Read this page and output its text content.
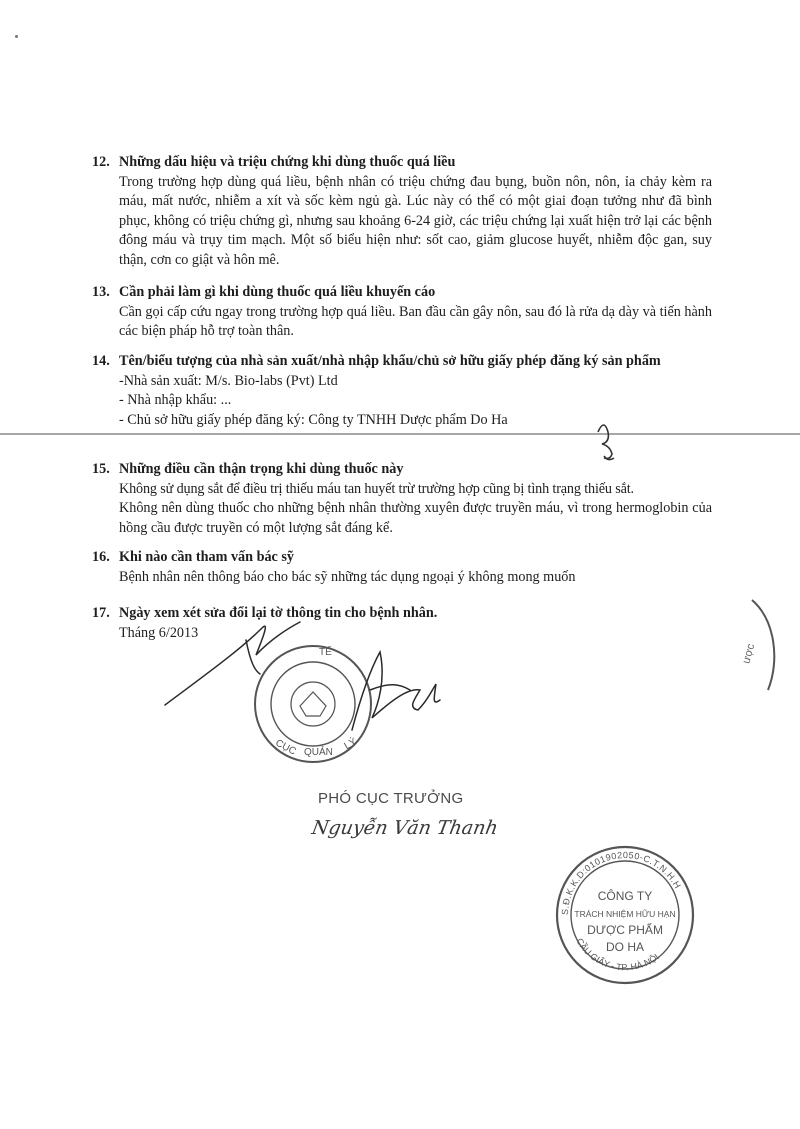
12. Những dấu hiệu và triệu chứng khi dùng thuốc quá liều

Trong trường hợp dùng quá liều, bệnh nhân có triệu chứng đau bụng, buồn nôn, nôn, ỉa chảy kèm ra máu, mất nước, nhiễm a xít và sốc kèm ngủ gà. Lúc này có thể có một giai đoạn tưởng như đã bình phục, không có triệu chứng gì, nhưng sau khoảng 6-24 giờ, các triệu chứng lại xuất hiện trở lại các bệnh đông máu và trụy tim mạch. Một số biểu hiện như: sốt cao, giảm glucose huyết, nhiễm độc gan, suy thận, cơn co giật và hôn mê.

13. Cần phải làm gì khi dùng thuốc quá liều khuyến cáo

Cần gọi cấp cứu ngay trong trường hợp quá liều. Ban đầu cần gây nôn, sau đó là rửa dạ dày và tiến hành các biện pháp hỗ trợ toàn thân.

14. Tên/biểu tượng của nhà sản xuất/nhà nhập khẩu/chủ sở hữu giấy phép đăng ký sản phẩm

-Nhà sản xuất: M/s. Bio-labs (Pvt) Ltd

- Nhà nhập khẩu: ...

- Chủ sở hữu giấy phép đăng ký: Công ty TNHH Dược phẩm Do Ha

15. Những điều cần thận trọng khi dùng thuốc này

Không sử dụng sắt để điều trị thiếu máu tan huyết trừ trường hợp cũng bị tình trạng thiếu sắt.

Không nên dùng thuốc cho những bệnh nhân thường xuyên được truyền máu, vì trong hermoglobin của hồng cầu được truyền có một lượng sắt đáng kể.

16. Khi nào cần tham vấn bác sỹ

Bệnh nhân nên thông báo cho bác sỹ những tác dụng ngoại ý không mong muốn

17. Ngày xem xét sửa đổi lại tờ thông tin cho bệnh nhân.

Tháng 6/2013

TẾ
CỤC QUẢN
LÝ
S.Đ.K.K.D:0101902050-C.T.N.H.H
CẦU GIẤY - TP. HÀ NỘI
CÔNG TY
TRÁCH NHIỆM HỮU HẠN
DƯỢC PHẨM
DO HA
ược
PHÓ CỤC TRƯỞNG
Nguyễn Văn Thanh
